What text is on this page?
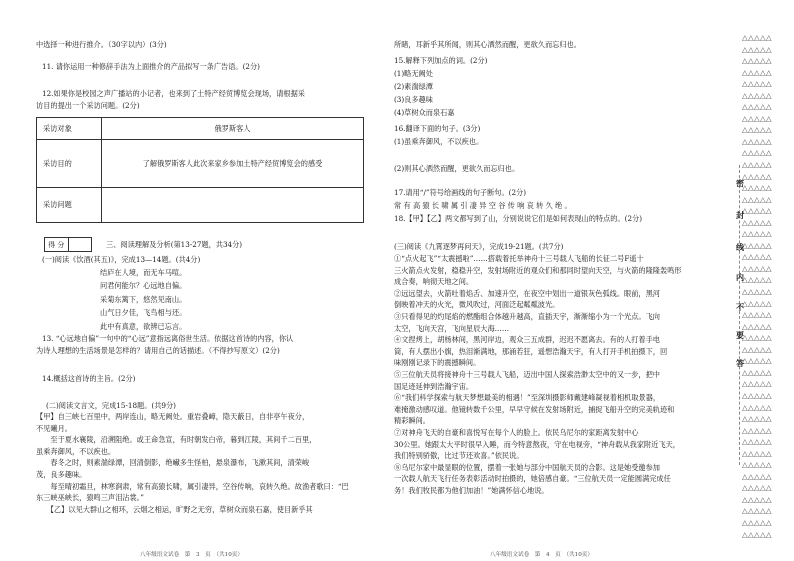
中选择一种进行推介。（30字以内）(3分)
11. 请你运用一种修辞手法为上面推介的产品拟写一条广告语。(2分)
12.如果你是校园之声广播站的小记者，也来到了土特产经贸博览会现场，请根据采
访目的提出一个采访问题。(2分)
采访对象	俄罗斯客人
采访目的	了解俄罗斯客人此次来家乡参加土特产经贸博览会的感受
采访问题	
得 分	三、阅读理解及分析(第13-27题，共34分)
(一)阅读《饮酒(其五)》，完成13—14题。(共4分)
结庐在人境，而无车马喧。
问君何能尔？心远地自偏。
采菊东篱下，悠然见南山。
山气日夕佳，飞鸟相与还。
此中有真意，欲辨已忘言。
13. “心远地自偏”一句中的“心远”意指远离俗世生活。依据这首诗的内容，你认
为诗人理想的生活场景是怎样的？请用自己的话描述。（不得抄写原文）(2分)
14.概括这首诗的主旨。(2分)
(二)阅读文言文，完成15-18题。(共9分)
【甲】自三峡七百里中，两岸连山，略无阙处。重岩叠嶂，隐天蔽日，自非亭午夜分，
不见曦月。
　　至于夏水襄陵，沿溯阻绝。或王命急宣，有时朝发白帝，暮到江陵，其间千二百里，
虽乘奔御风，不以疾也。
　　春冬之时，则素湍绿潭，回清倒影，绝𪩘多生怪柏，悬泉瀑布，飞漱其间，清荣峻
茂，良多趣味。
　　每至晴初霜旦，林寒涧肃，常有高猿长啸，属引凄异，空谷传响，哀转久绝。故渔者歌曰：“巴
东三峡巫峡长，猿鸣三声泪沾裳。”
　　【乙】以见大群山之相环，云烟之相运，旷野之无穷，草树众而泉石嘉，使目新乎其
八年级语文试卷　第　3　页　（共10页）
所睹，耳新乎其所闻，则其心洒然而醒，更欲久而忘归也。
15.解释下列加点的词。(2分)
(1)略无阙处
(2)素湍绿潭
(3)良多趣味
(4)草树众而泉石嘉
16.翻译下面的句子。(3分)
(1)虽乘奔御风，不以疾也。
(2)则其心洒然而醒，更欲久而忘归也。
17.请用“/”符号给画线的句子断句。(2分)
常 有 高 猿 长 啸 属 引 凄 异 空 谷 传 响 哀 转 久 绝 。
18.【甲】【乙】两文都写到了山，分别说说它们是如何表现山的特点的。(2分)
(三)阅读《九霄逐梦再问天》，完成19-21题。(共7分)
①“点火起飞”“太震撼啦”……搭载着托举神舟十三号载人飞船的长征二号F遥十
三火箭点火发射，稳稳升空，发射场附近的观众们和那同时望向天空，与火箭的隆隆轰鸣形
成合奏，响彻天地之间。
②远远望去，火箭吐着焰舌、加速升空，在夜空中划出一道银灰色弧线。眼前，黑河
倒映着冲天的火光，微风吹过，河面泛起粼粼波光。
③只看得见的灼尾焰的燃酯组合体越升越高，直插天宇，渐渐缩小为一个光点。飞向
太空，飞向天宫，飞向星辰大海……
④文捏烤上，胡杨林间，黑河岸边，观众三五成群，迟迟不愿离去。有的人打着手电
筒，有人摆出小旗，热泪渐满地，那涌若狂，遥想浩瀚天宇，有人打开手机拍摄下，回
味刚刚记录下的震撼瞬间。
⑤三位航天员将接神舟十三号载人飞船，迈出中国人探索浩渺太空中的又一步，把中
国足迹延伸到浩瀚宇宙。
⑥“我们科学探索与航天梦想最美的相遇！”至深圳摄影师戴建峰凝视着相机取景器，
难掩激动感叹道。他镜转数千公里，早早守候在发射场附近，捕捉飞船升空的完美轨迹和
精彩瞬间。
⑦对神舟飞天的自豪和喜悦写在每个人的脸上。依民乌尼尔的家距离发射中心
30公里。她跟太大平时很早入睡，而今特意熬夜，守在电视旁，“神舟载从我家附近飞天，
我们特别骄傲，比过节还欢喜。”依民说。
⑧乌尼尔家中最显眼的位置，摆着一张她与部分中国航天员的合影。这是她受邀参加
一次载人航天飞行任务表彰活动时拍摄的，她倍感自豪。“三位航天员一定能圆满完成任
务！我们牧民都为他们加油！”她满怀信心地说。
八年级语文试卷　第　4　页　（共10页）
△△△△△
△△△△△
△△△△△
△△△△△
△△△△△
△△△△△
△△△△△
△△△△△
△△△△△
△△△△△
△△△△△
△△△△△
△△△△△
△△△△△
△△△△△
△△△△△
△△△△△
△△△△△
△△△△△
△△△△△
△△△△△
△△△△△
△△△△△
△△△△△
△△△△△
△△△△△
△△△△△
△△△△△
△△△△△
△△△△△
△△△△△
△△△△△
△△△△△
△△△△△
△△△△△
△△△△△
△△△△△
△△△△△
△△△△△
△△△△△
△△△△△
△△△△△
△△△△△
△△△△△
密
封
线
内
不
要
答
